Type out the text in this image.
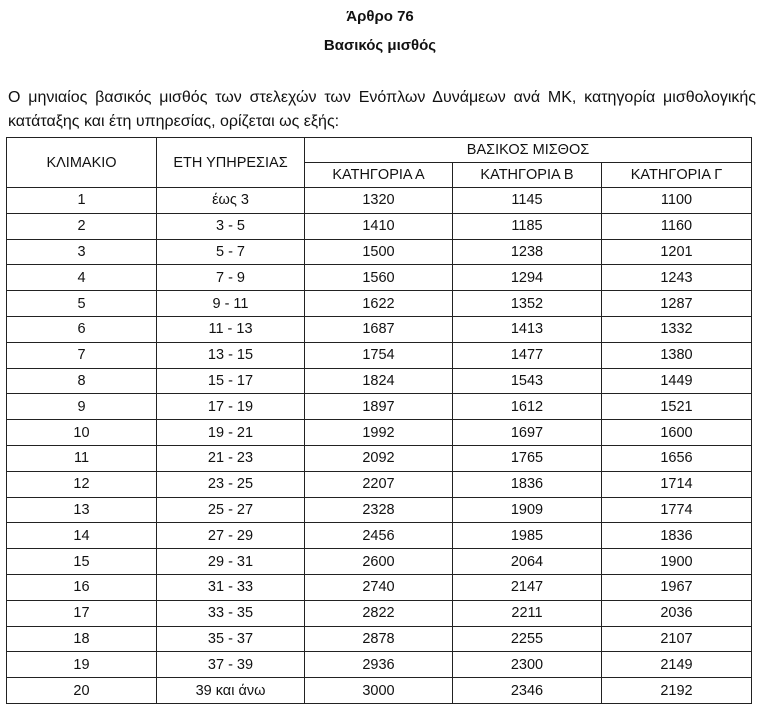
Άρθρο 76
Βασικός μισθός
Ο μηνιαίος βασικός μισθός των στελεχών των Ενόπλων Δυνάμεων ανά ΜΚ, κατηγορία μισθολογικής κατάταξης και έτη υπηρεσίας, ορίζεται ως εξής:
ΚΛΙΜΑΚΙΟ	ΕΤΗ ΥΠΗΡΕΣΙΑΣ	ΒΑΣΙΚΟΣ ΜΙΣΘΟΣ		
		ΚΑΤΗΓΟΡΙΑ Α	ΚΑΤΗΓΟΡΙΑ Β	ΚΑΤΗΓΟΡΙΑ Γ
1	έως 3	1320	1145	1100
2	3 - 5	1410	1185	1160
3	5 - 7	1500	1238	1201
4	7 - 9	1560	1294	1243
5	9 - 11	1622	1352	1287
6	11 - 13	1687	1413	1332
7	13 - 15	1754	1477	1380
8	15 - 17	1824	1543	1449
9	17 - 19	1897	1612	1521
10	19 - 21	1992	1697	1600
11	21 - 23	2092	1765	1656
12	23 - 25	2207	1836	1714
13	25 - 27	2328	1909	1774
14	27 - 29	2456	1985	1836
15	29 - 31	2600	2064	1900
16	31 - 33	2740	2147	1967
17	33 - 35	2822	2211	2036
18	35 - 37	2878	2255	2107
19	37 - 39	2936	2300	2149
20	39 και άνω	3000	2346	2192
